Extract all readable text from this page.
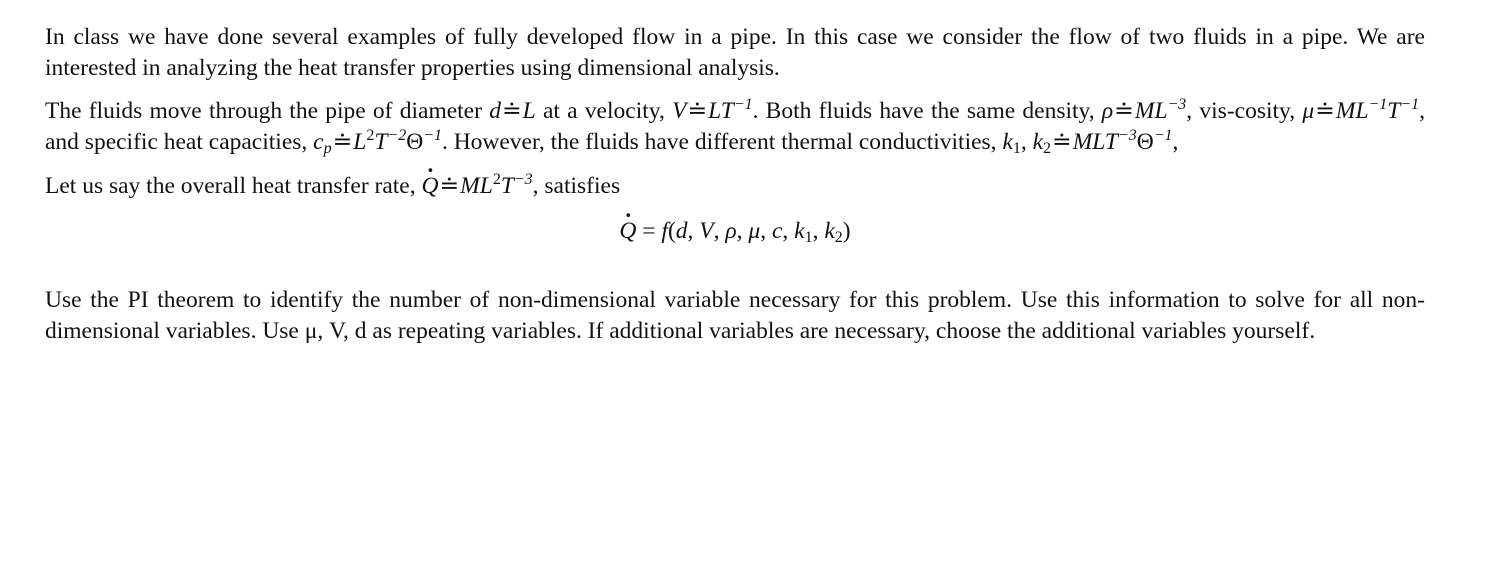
In class we have done several examples of fully developed flow in a pipe. In this case we consider the flow of two fluids in a pipe. We are interested in analyzing the heat transfer properties using dimensional analysis.

The fluids move through the pipe of diameter d≐L at a velocity, $V≐LT^{-1}$. Both fluids have the same density, $\rho≐ML^{-3}$, vis-cosity, $\mu≐ML^{-1}T^{-1}$, and specific heat capacities, $c_p≐L^2T^{-2}\Theta^{-1}$. However, the fluids have different thermal conductivities, $k_1$, $k_2≐MLT^{-3}\Theta^{-1}$,

Let us say the overall heat transfer rate, · $Q≐ML^2T^{-3}$, satisfies

· Q = f(d, V, ρ, μ, c, $k_1$, $k_2$)

Use the PI theorem to identify the number of non-dimensional variable necessary for this problem. Use this information to solve for all non-dimensional variables. Use μ, V, d as repeating variables. If additional variables are necessary, choose the additional variables yourself.
